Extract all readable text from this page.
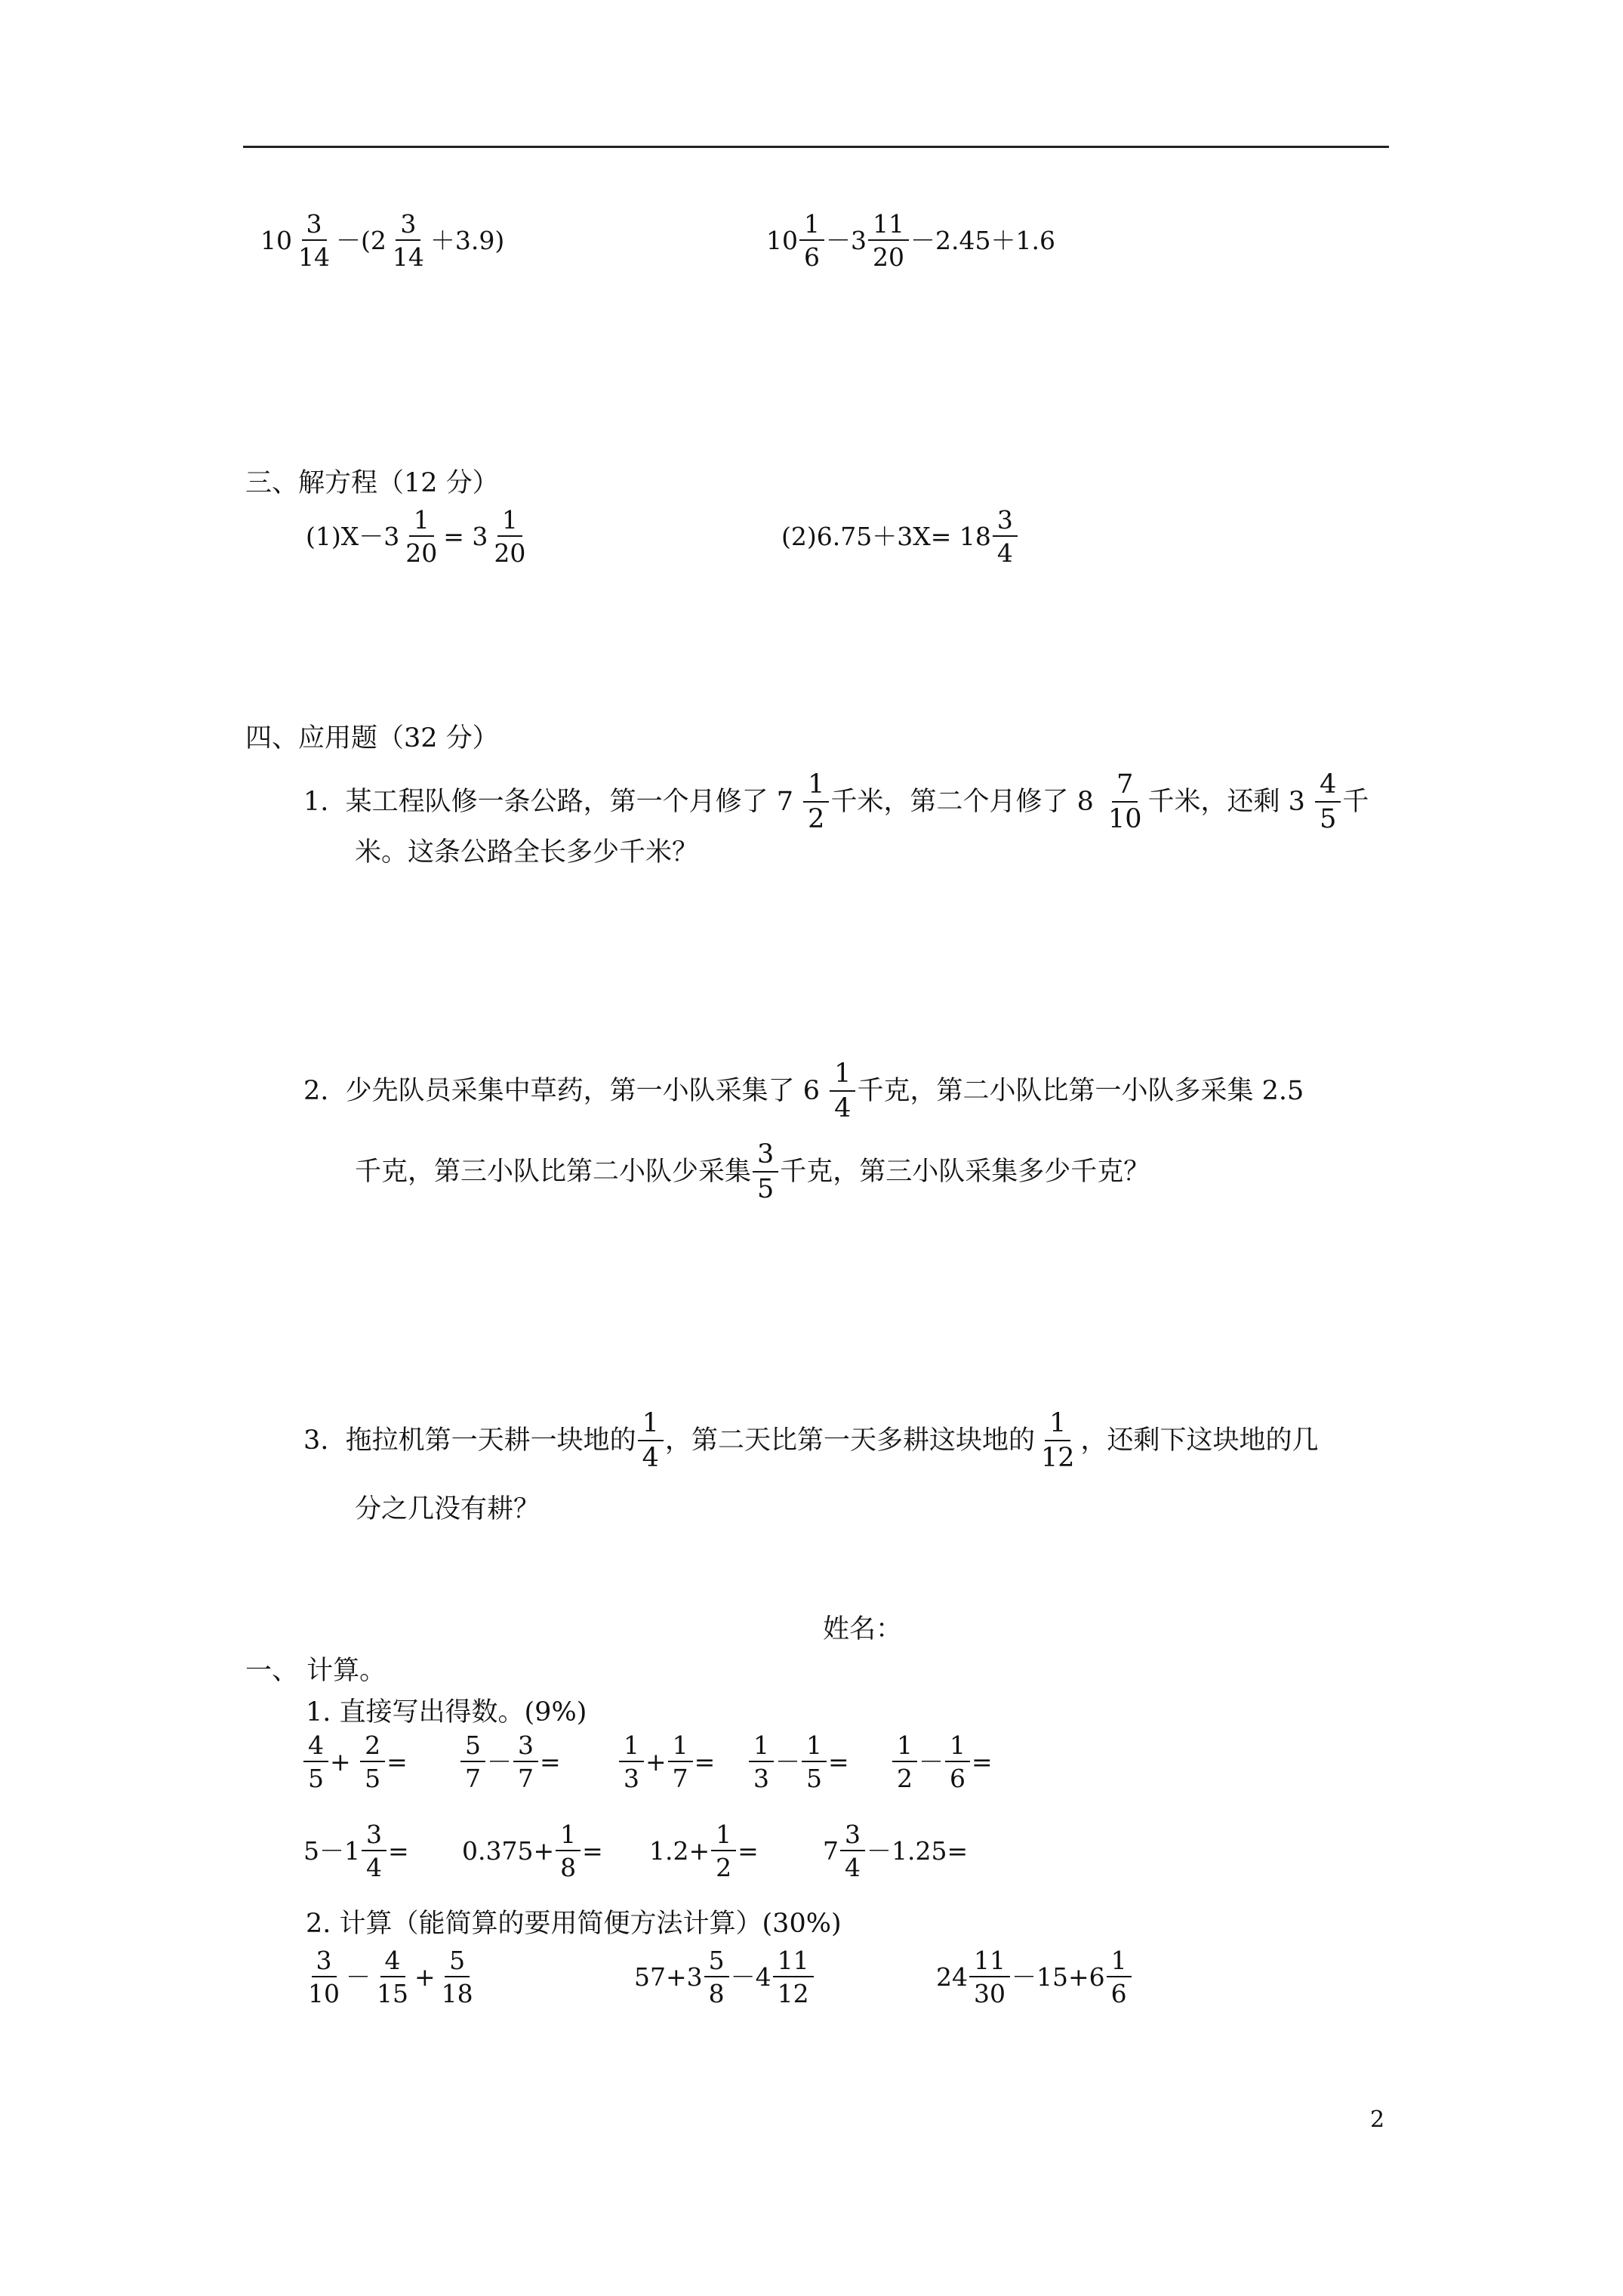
$10 \frac{3}{14} -(2 \frac{3}{14} +3.9)$	$10 \frac{1}{6} -3 \frac{11}{20} -2.45+1.6$
三、解方程（12 分）
$(1)X-3 \frac{1}{20} = 3 \frac{1}{20}$	$(2)6.75+3X= 18 \frac{3}{4}$
四、应用题（32 分）
1.  某工程队修一条公路，第一个月修了 $7 \frac{1}{2}$ 千米，第二个月修了 $8 \frac{7}{10}$ 千米，还剩 $3 \frac{4}{5}$ 千
米。这条公路全长多少千米？
2.  少先队员采集中草药，第一小队采集了 $6 \frac{1}{4}$ 千克，第二小队比第一小队多采集 2.5
千克，第三小队比第二小队少采集 $\frac{3}{5}$ 千克，第三小队采集多少千克？
3.  拖拉机第一天耕一块地的 $\frac{1}{4}$ ，第二天比第一天多耕这块地的 $\frac{1}{12}$ ，还剩下这块地的几
分之几没有耕？
姓名：
一、 计算。
1. 直接写出得数。(9%)
$\frac{4}{5} + \frac{2}{5} = \frac{5}{7} - \frac{3}{7} = \frac{1}{3} + \frac{1}{7} = \frac{1}{3} - \frac{1}{5} = \frac{1}{2} - \frac{1}{6}$ =
$5-1 \frac{3}{4} = 0.375+ \frac{1}{8} = 1.2+ \frac{1}{2}$ =	$7 \frac{3}{4} -1.25=$
2. 计算（能简算的要用简便方法计算）(30%)
$\frac{3}{10} - \frac{4}{15} + \frac{5}{18}$	$57+3 \frac{5}{8} -4 \frac{11}{12}$	$24 \frac{11}{30} -15+6 \frac{1}{6}$
2
